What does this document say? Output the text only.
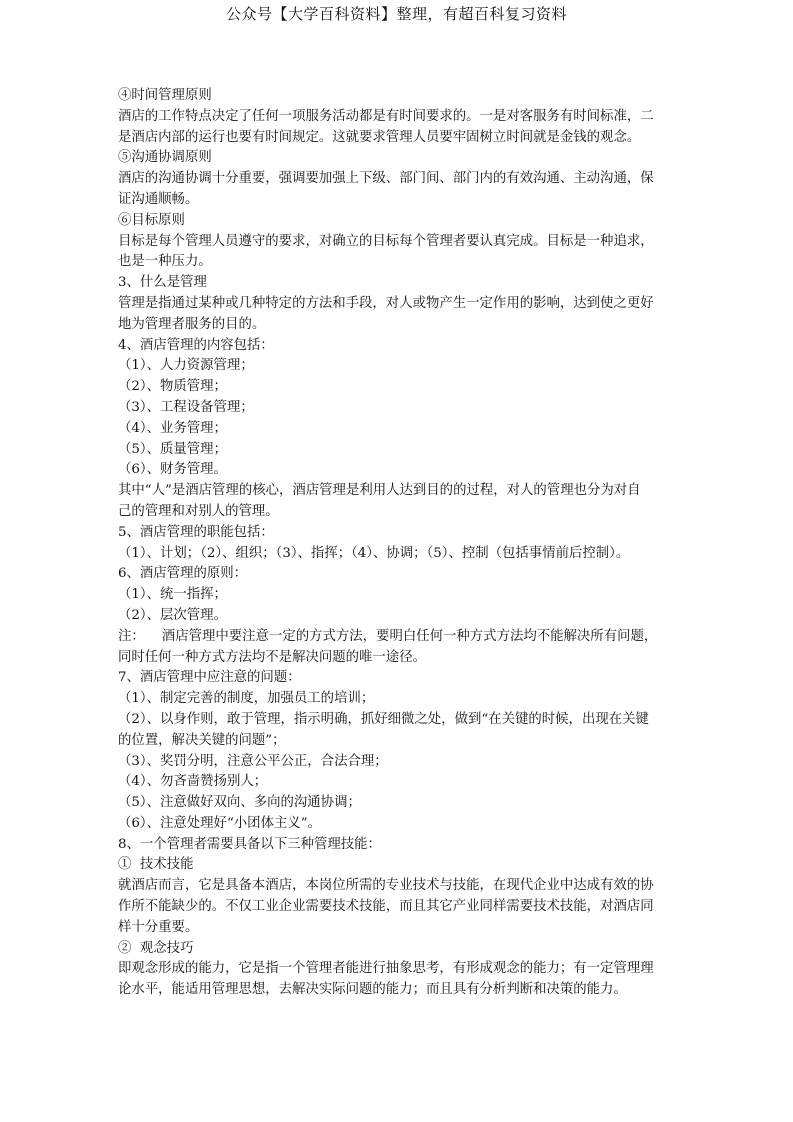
公众号【大学百科资料】整理，有超百科复习资料
④时间管理原则
酒店的工作特点决定了任何一项服务活动都是有时间要求的。一是对客服务有时间标准，二
是酒店内部的运行也要有时间规定。这就要求管理人员要牢固树立时间就是金钱的观念。
⑤沟通协调原则
酒店的沟通协调十分重要，强调要加强上下级、部门间、部门内的有效沟通、主动沟通，保
证沟通顺畅。
⑥目标原则
目标是每个管理人员遵守的要求，对确立的目标每个管理者要认真完成。目标是一种追求，
也是一种压力。
3、什么是管理
管理是指通过某种或几种特定的方法和手段，对人或物产生一定作用的影响，达到使之更好
地为管理者服务的目的。
4、酒店管理的内容包括：
（1）、人力资源管理；
（2）、物质管理；
（3）、工程设备管理；
（4）、业务管理；
（5）、质量管理；
（6）、财务管理。
其中“人”是酒店管理的核心，酒店管理是利用人达到目的的过程，对人的管理也分为对自
己的管理和对别人的管理。
5、酒店管理的职能包括：
（1）、计划；（2）、组织；（3）、指挥；（4）、协调；（5）、控制（包括事情前后控制）。
6、酒店管理的原则：
（1）、统一指挥；
（2）、层次管理。
注：    酒店管理中要注意一定的方式方法，要明白任何一种方式方法均不能解决所有问题，
同时任何一种方式方法均不是解决问题的唯一途径。
7、酒店管理中应注意的问题：
（1）、制定完善的制度，加强员工的培训；
（2）、以身作则，敢于管理，指示明确，抓好细微之处，做到“在关键的时候，出现在关键
的位置，解决关键的问题”；
（3）、奖罚分明，注意公平公正，合法合理；
（4）、勿吝啬赞扬别人；
（5）、注意做好双向、多向的沟通协调；
（6）、注意处理好“小团体主义”。
8、一个管理者需要具备以下三种管理技能：
①  技术技能
就酒店而言，它是具备本酒店，本岗位所需的专业技术与技能，在现代企业中达成有效的协
作所不能缺少的。不仅工业企业需要技术技能，而且其它产业同样需要技术技能，对酒店同
样十分重要。
②  观念技巧
即观念形成的能力，它是指一个管理者能进行抽象思考，有形成观念的能力；有一定管理理
论水平，能适用管理思想，去解决实际问题的能力；而且具有分析判断和决策的能力。
